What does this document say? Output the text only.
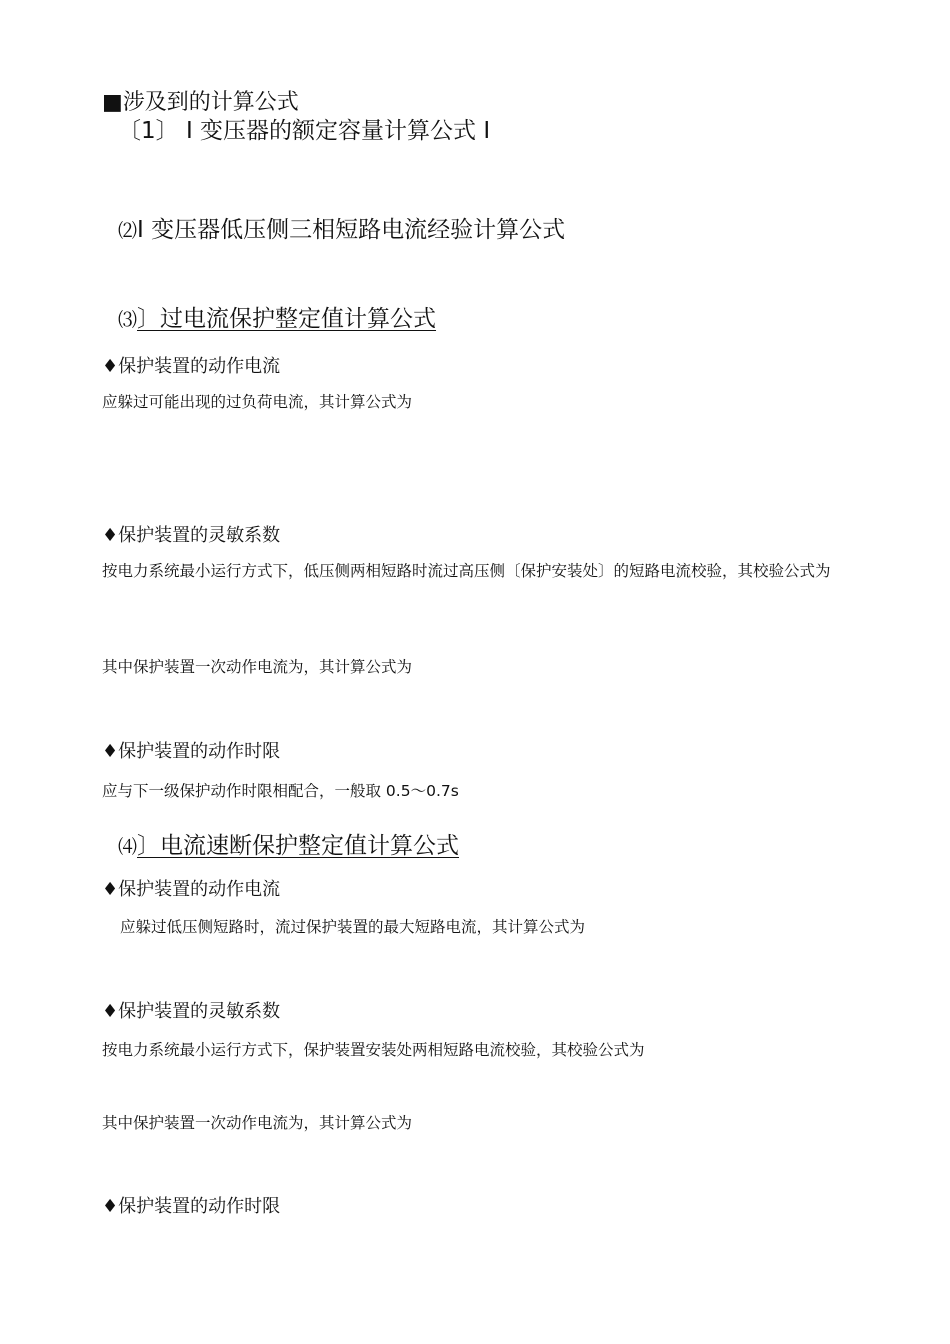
■涉及到的计算公式
〔1〕 I 变压器的额定容量计算公式 I
⑵I 变压器低压侧三相短路电流经验计算公式
⑶〕过电流保护整定值计算公式
♦保护装置的动作电流
应躲过可能出现的过负荷电流，其计算公式为
♦保护装置的灵敏系数
按电力系统最小运行方式下，低压侧两相短路时流过高压侧〔保护安装处〕的短路电流校验，其校验公式为
其中保护装置一次动作电流为，其计算公式为
♦保护装置的动作时限
应与下一级保护动作时限相配合，一般取 0.5～0.7s
⑷〕电流速断保护整定值计算公式
♦保护装置的动作电流
应躲过低压侧短路时，流过保护装置的最大短路电流，其计算公式为
♦保护装置的灵敏系数
按电力系统最小运行方式下，保护装置安装处两相短路电流校验，其校验公式为
其中保护装置一次动作电流为，其计算公式为
♦保护装置的动作时限
